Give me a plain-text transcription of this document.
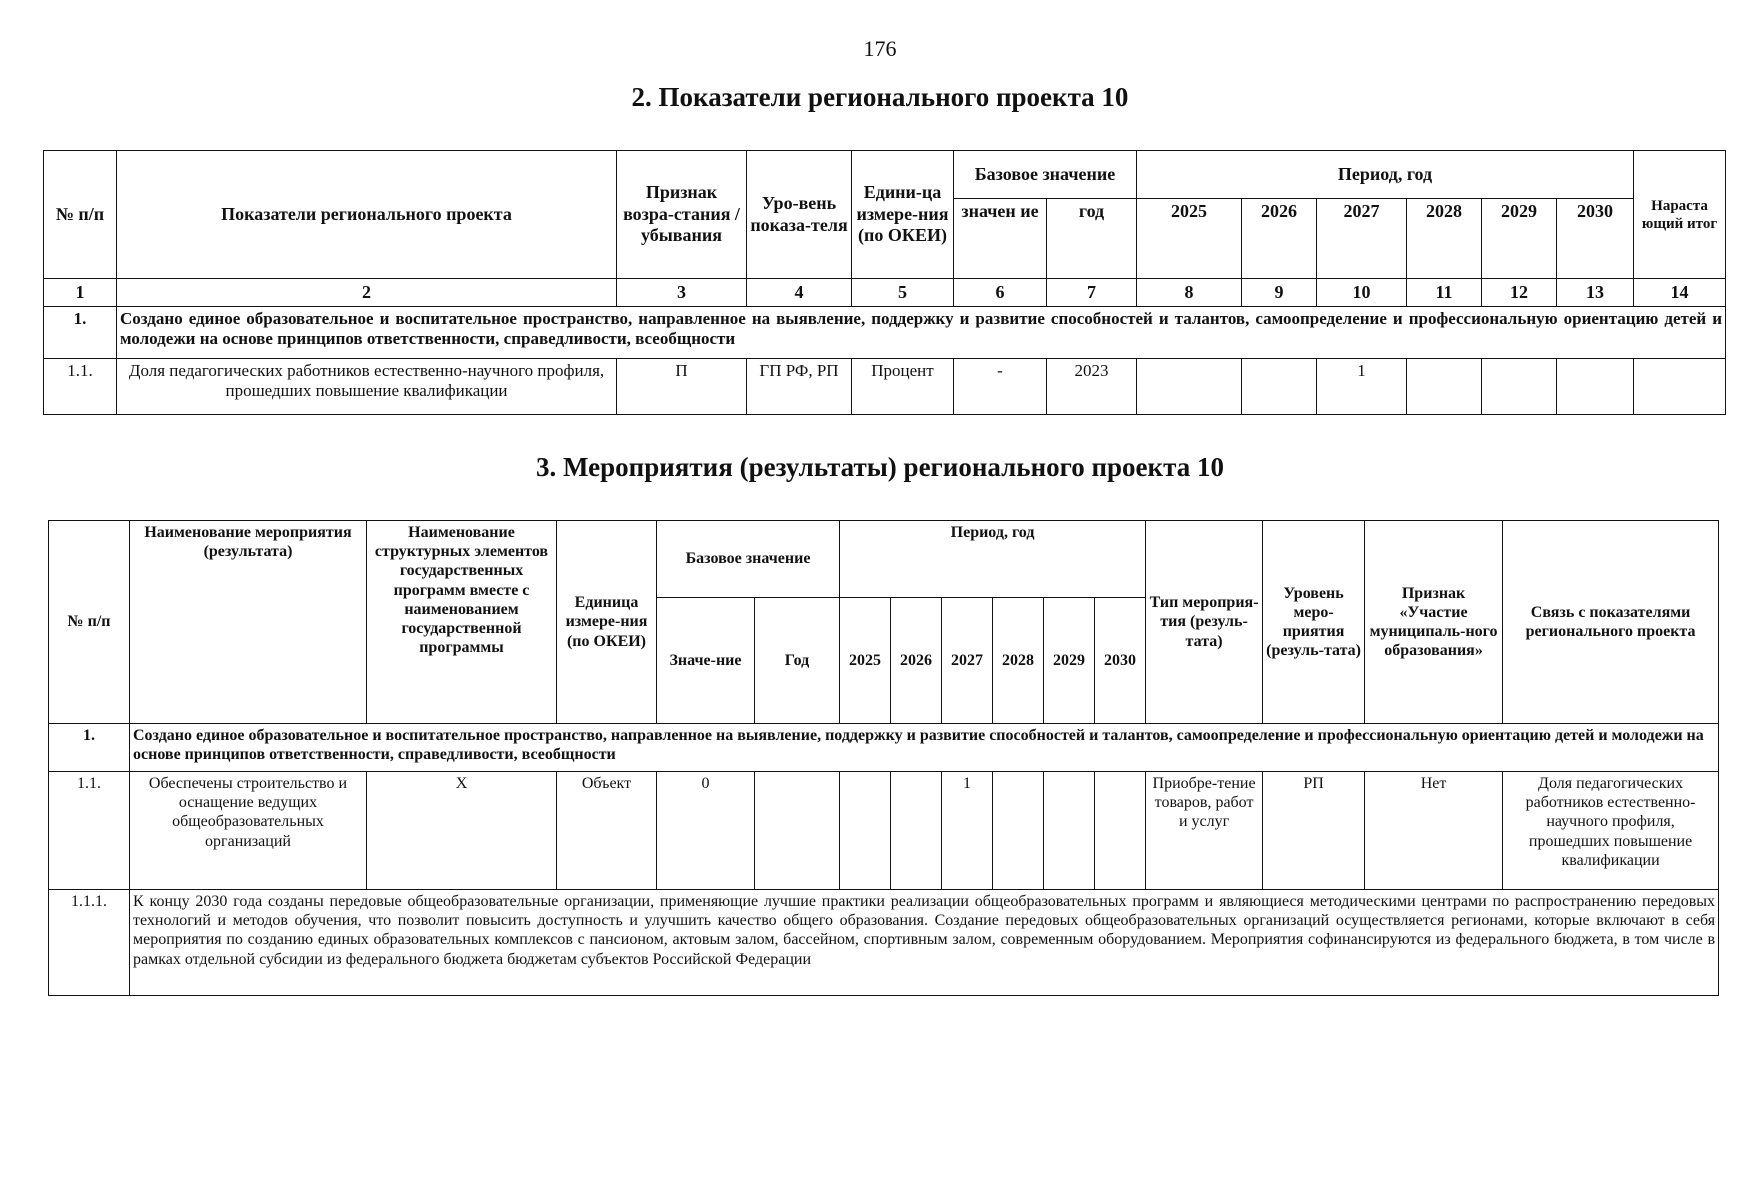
176
2. Показатели регионального проекта 10
№ п/п	Показатели регионального проекта	Признак возра-стания / убывания	Уро-вень показа-теля	Едини-ца измере-ния (по ОКЕИ)	Базовое значение		Период, год						Нараста ющий итог
					значен ие	год	2025	2026	2027	2028	2029	2030	
1	2	3	4	5	6	7	8	9	10	11	12	13	14
1.	Создано единое образовательное и воспитательное пространство, направленное на выявление, поддержку и развитие способностей и талантов, самоопределение и профессиональную ориентацию детей и молодежи на основе принципов ответственности, справедливости, всеобщности												
1.1.	Доля педагогических работников естественно-научного профиля, прошедших повышение квалификации	П	ГП РФ, РП	Процент	-	2023			1				
3. Мероприятия (результаты) регионального проекта 10
№ п/п	Наименование мероприятия (результата)	Наименование структурных элементов государственных программ вместе с наименованием государственной программы	Единица измере-ния (по ОКЕИ)	Базовое значение		Период, год						Тип мероприя-тия (резуль-тата)	Уровень меро-приятия (резуль-тата)	Признак «Участие муниципаль-ного образования»	Связь с показателями регионального проекта
				Значе-ние	Год	2025	2026	2027	2028	2029	2030				
1.	Создано единое образовательное и воспитательное пространство, направленное на выявление, поддержку и развитие способностей и талантов, самоопределение и профессиональную ориентацию детей и молодежи на основе принципов ответственности, справедливости, всеобщности														
1.1.	Обеспечены строительство и оснащение ведущих общеобразовательных организаций	Х	Объект	0				1				Приобре-тение товаров, работ и услуг	РП	Нет	Доля педагогических работников естественно-научного профиля, прошедших повышение квалификации
1.1.1.	К концу 2030 года созданы передовые общеобразовательные организации, применяющие лучшие практики реализации общеобразовательных программ и являющиеся методическими центрами по распространению передовых технологий и методов обучения, что позволит повысить доступность и улучшить качество общего образования. Создание передовых общеобразовательных организаций осуществляется регионами, которые включают в себя мероприятия по созданию единых образовательных комплексов с пансионом, актовым залом, бассейном, спортивным залом, современным оборудованием. Мероприятия софинансируются из федерального бюджета, в том числе в рамках отдельной субсидии из федерального бюджета бюджетам субъектов Российской Федерации														
